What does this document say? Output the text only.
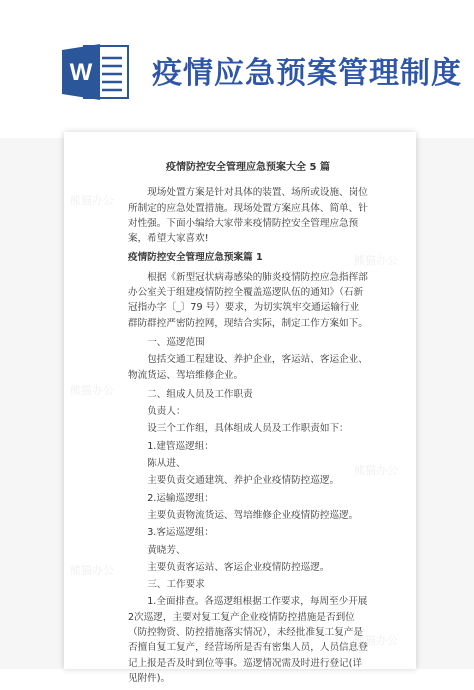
W 疫情应急预案管理制度
熊猫办公
熊猫办公
熊猫办公
熊猫办公
熊猫办公
熊猫办公
疫情防控安全管理应急预案大全 5 篇

现场处置方案是针对具体的装置、场所或设施、岗位所制定的应急处置措施。现场处置方案应具体、简单、针对性强。下面小编给大家带来疫情防控安全管理应急预案，希望大家喜欢!

疫情防控安全管理应急预案篇 1

根据《新型冠状病毒感染的肺炎疫情防控应急指挥部办公室关于组建疫情防控全覆盖巡逻队伍的通知》（石新冠指办字〔_〕79 号）要求，为切实筑牢交通运输行业群防群控严密防控网，现结合实际，制定工作方案如下。

一、巡逻范围

包括交通工程建设、养护企业，客运站、客运企业、物流货运、驾培维修企业。

二、组成人员及工作职责

负责人：

设三个工作组，具体组成人员及工作职责如下：

1.建管巡逻组：

陈从进、

主要负责交通建筑、养护企业疫情防控巡逻。

2.运输巡逻组：

主要负责物流货运、驾培维修企业疫情防控巡逻。

3.客运巡逻组：

黄晓芳、

主要负责客运站、客运企业疫情防控巡逻。

三、工作要求

1.全面排查。各巡逻组根据工作要求，每周至少开展2次巡逻，主要对复工复产企业疫情防控措施是否到位（防控物资、防控措施落实情况），未经批准复工复产是否擅自复工复产，经营场所是否有密集人员，人员信息登记上报是否及时到位等事。巡逻情况需及时进行登记(详见附件)。
